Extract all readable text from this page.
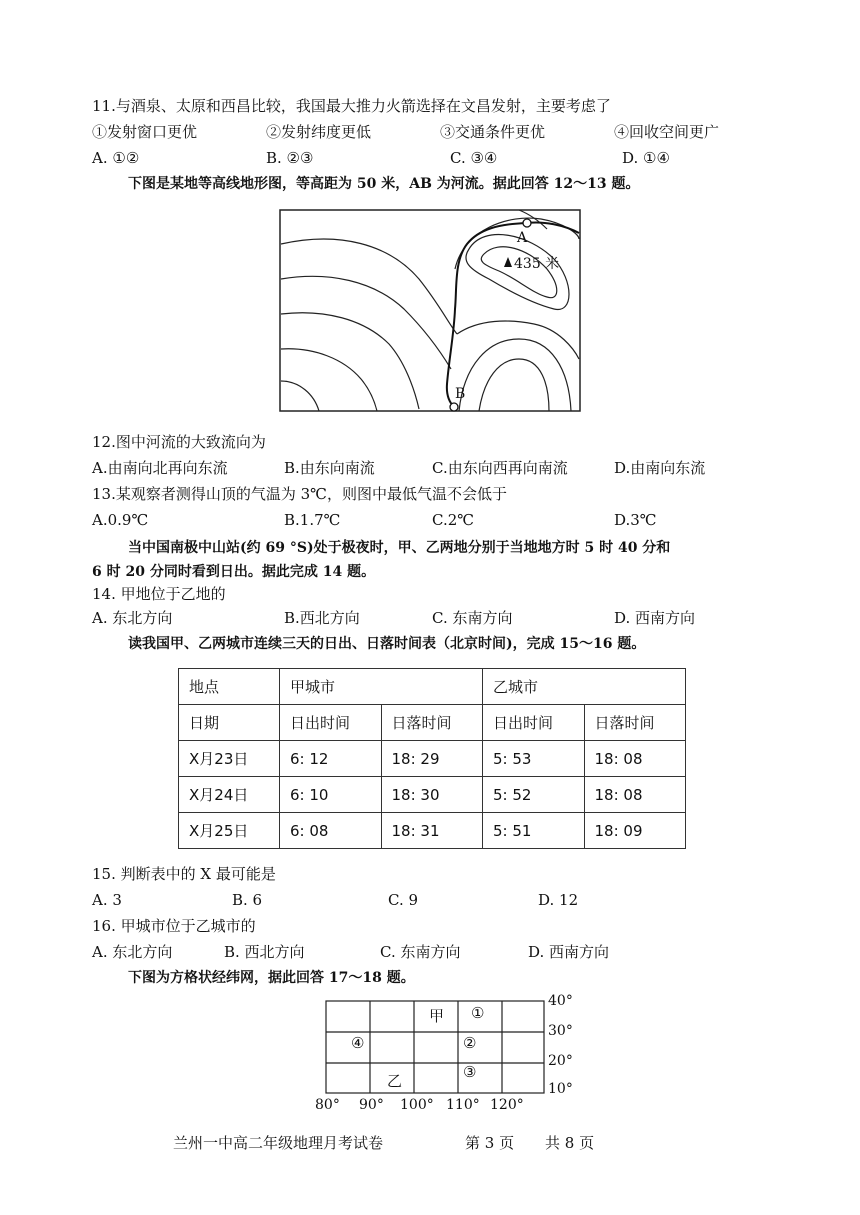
11.与酒泉、太原和西昌比较，我国最大推力火箭选择在文昌发射，主要考虑了
①发射窗口更优	②发射纬度更低	③交通条件更优	④回收空间更广
A. ①②	B. ②③	C. ③④	D. ①④
下图是某地等高线地形图，等高距为 50 米，AB 为河流。据此回答 12～13 题。
A
B
435 米
12.图中河流的大致流向为
A.由南向北再向东流	B.由东向南流	C.由东向西再向南流	D.由南向东流
13.某观察者测得山顶的气温为 3℃，则图中最低气温不会低于
A.0.9℃	B.1.7℃	C.2℃	D.3℃
当中国南极中山站(约 69 °S)处于极夜时，甲、乙两地分别于当地地方时 5 时 40 分和
6 时 20 分同时看到日出。据此完成 14 题。
14. 甲地位于乙地的
A. 东北方向	B.西北方向	C. 东南方向	D. 西南方向
读我国甲、乙两城市连续三天的日出、日落时间表（北京时间)，完成 15～16 题。
地点	甲城市		乙城市	
日期	日出时间	日落时间	日出时间	日落时间
X月23日	6: 12	18: 29	5: 53	18: 08
X月24日	6: 10	18: 30	5: 52	18: 08
X月25日	6: 08	18: 31	5: 51	18: 09
15. 判断表中的 X 最可能是
A. 3	B. 6	C. 9	D. 12
16. 甲城市位于乙城市的
A. 东北方向	B. 西北方向	C. 东南方向	D. 西南方向
下图为方格状经纬网，据此回答 17～18 题。
甲 ①
④	②
乙	③
40°
30°
20°
10°
80° 90° 100° 110° 120°
兰州一中高二年级地理月考试卷	第 3 页 共 8 页
